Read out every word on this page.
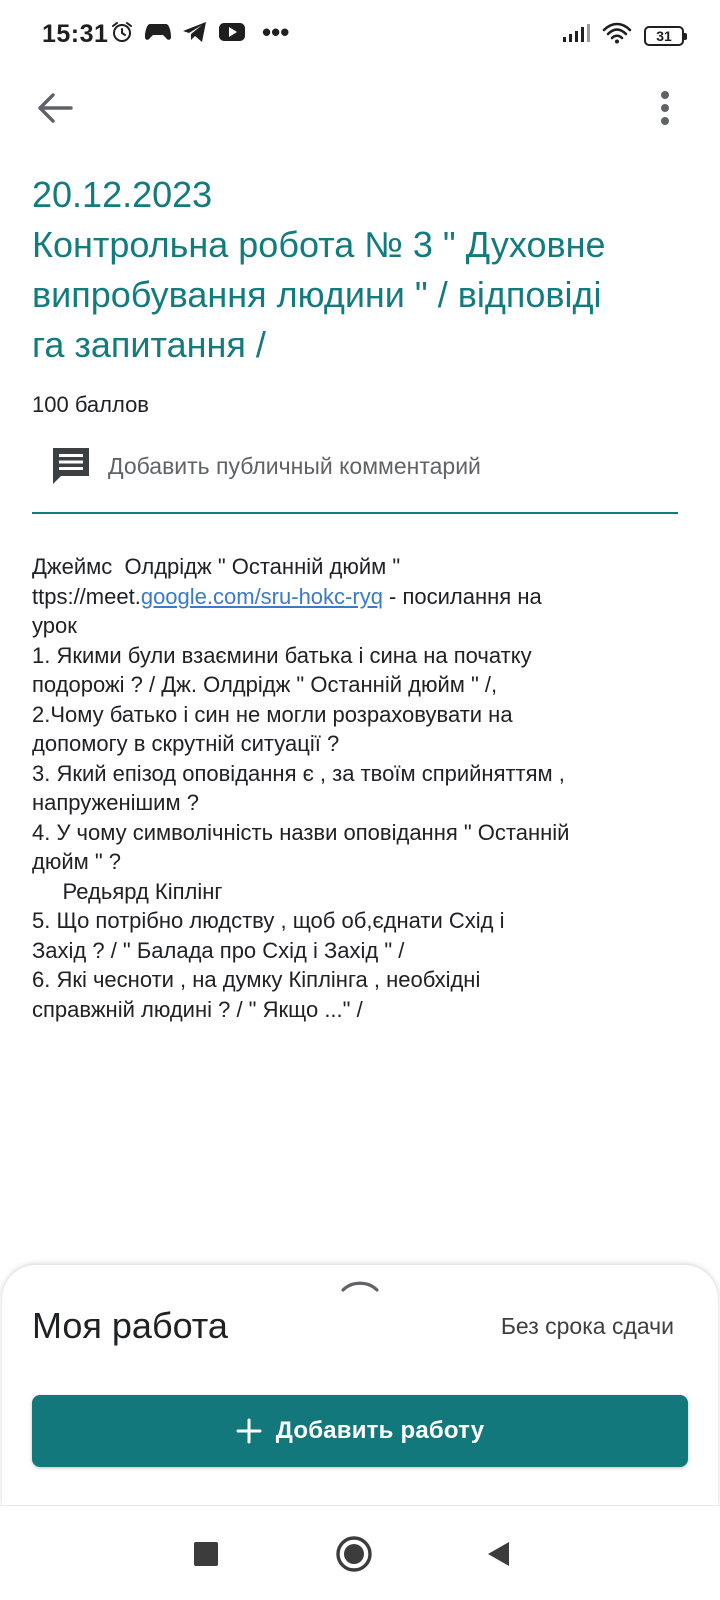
15:31	•••	31
20.12.2023
Контрольна робота № 3 " Духовне
випробування людини " / відповіді
га запитання /
100 баллов
Добавить публичный комментарий
Джеймс  Олдрідж " Останній дюйм "
ttps://meet.google.com/sru-hokc-ryq - посилання на
урок
1. Якими були взаємини батька і сина на початку
подорожі ? / Дж. Олдрідж " Останній дюйм " /,
2.Чому батько і син не могли розраховувати на
допомогу в скрутній ситуації ?
3. Який епізод оповідання є , за твоїм сприйняттям ,
напруженішим ?
4. У чому символічність назви оповідання " Останній
дюйм " ?
Редьярд Кіплінг
5. Що потрібно людству , щоб об,єднати Схід і
Захід ? / " Балада про Схід і Захід " /
6. Які чесноти , на думку Кіплінга , необхідні
справжній людині ? / " Якщо ..." /
Моя работа	Без срока сдачи
Добавить работу
